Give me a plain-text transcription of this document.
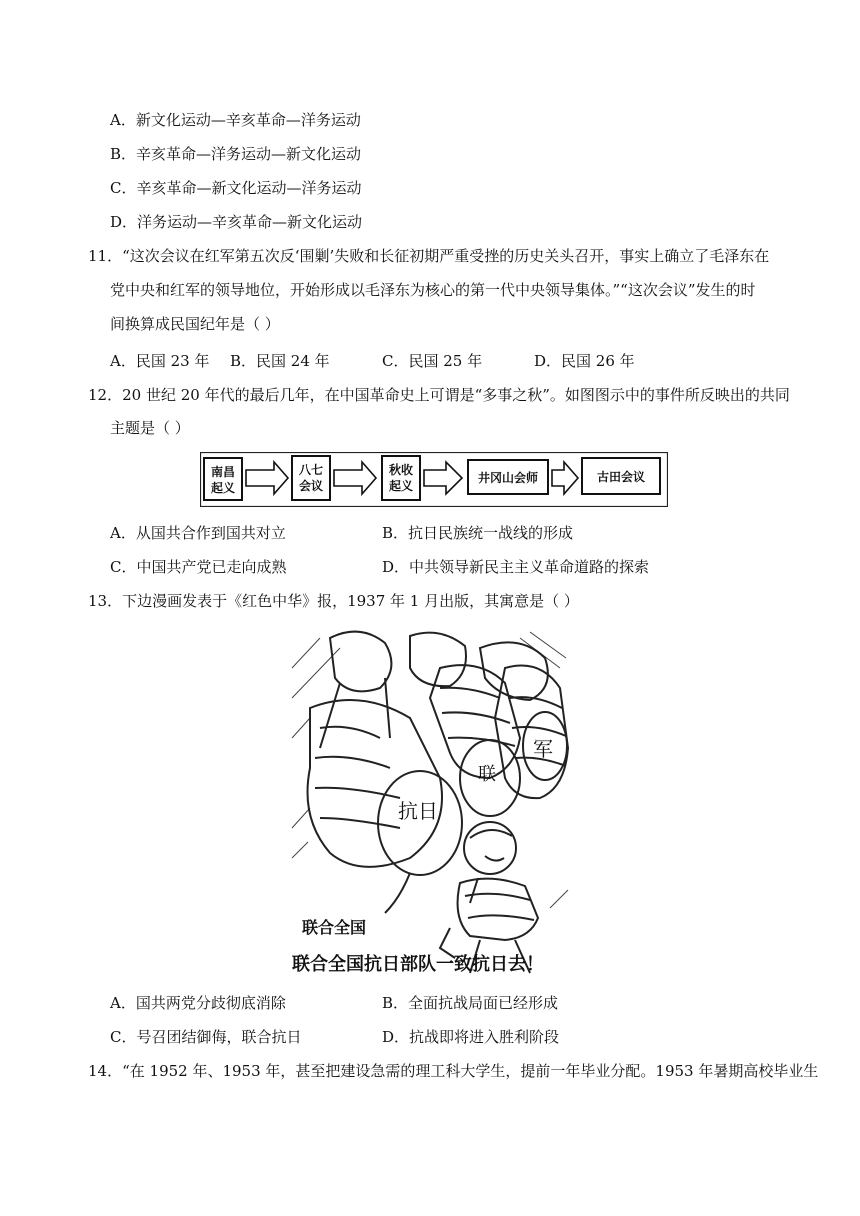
A．新文化运动—辛亥革命—洋务运动
B．辛亥革命—洋务运动—新文化运动
C．辛亥革命—新文化运动—洋务运动
D．洋务运动—辛亥革命—新文化运动
11．“这次会议在红军第五次反‘围剿’失败和长征初期严重受挫的历史关头召开，事实上确立了毛泽东在
党中央和红军的领导地位，开始形成以毛泽东为核心的第一代中央领导集体。”“这次会议”发生的时
间换算成民国纪年是（ ）
A．民国 23 年 B．民国 24 年	C．民国 25 年	D．民国 26 年
12．20 世纪 20 年代的最后几年，在中国革命史上可谓是“多事之秋”。如图图示中的事件所反映出的共同
主题是（ ）
南昌
起义
八七
会议
秋收
起义
井冈山会师	古田会议
A．从国共合作到国共对立	B．抗日民族统一战线的形成
C．中国共产党已走向成熟	D．中共领导新民主主义革命道路的探索
13．下边漫画发表于《红色中华》报，1937 年 1 月出版，其寓意是（ ）
军
联
抗日
联合全国
联合全国抗日部队一致抗日去！
A．国共两党分歧彻底消除	B．全面抗战局面已经形成
C．号召团结御侮，联合抗日	D．抗战即将进入胜利阶段
14．“在 1952 年、1953 年，甚至把建设急需的理工科大学生，提前一年毕业分配。1953 年暑期高校毕业生
